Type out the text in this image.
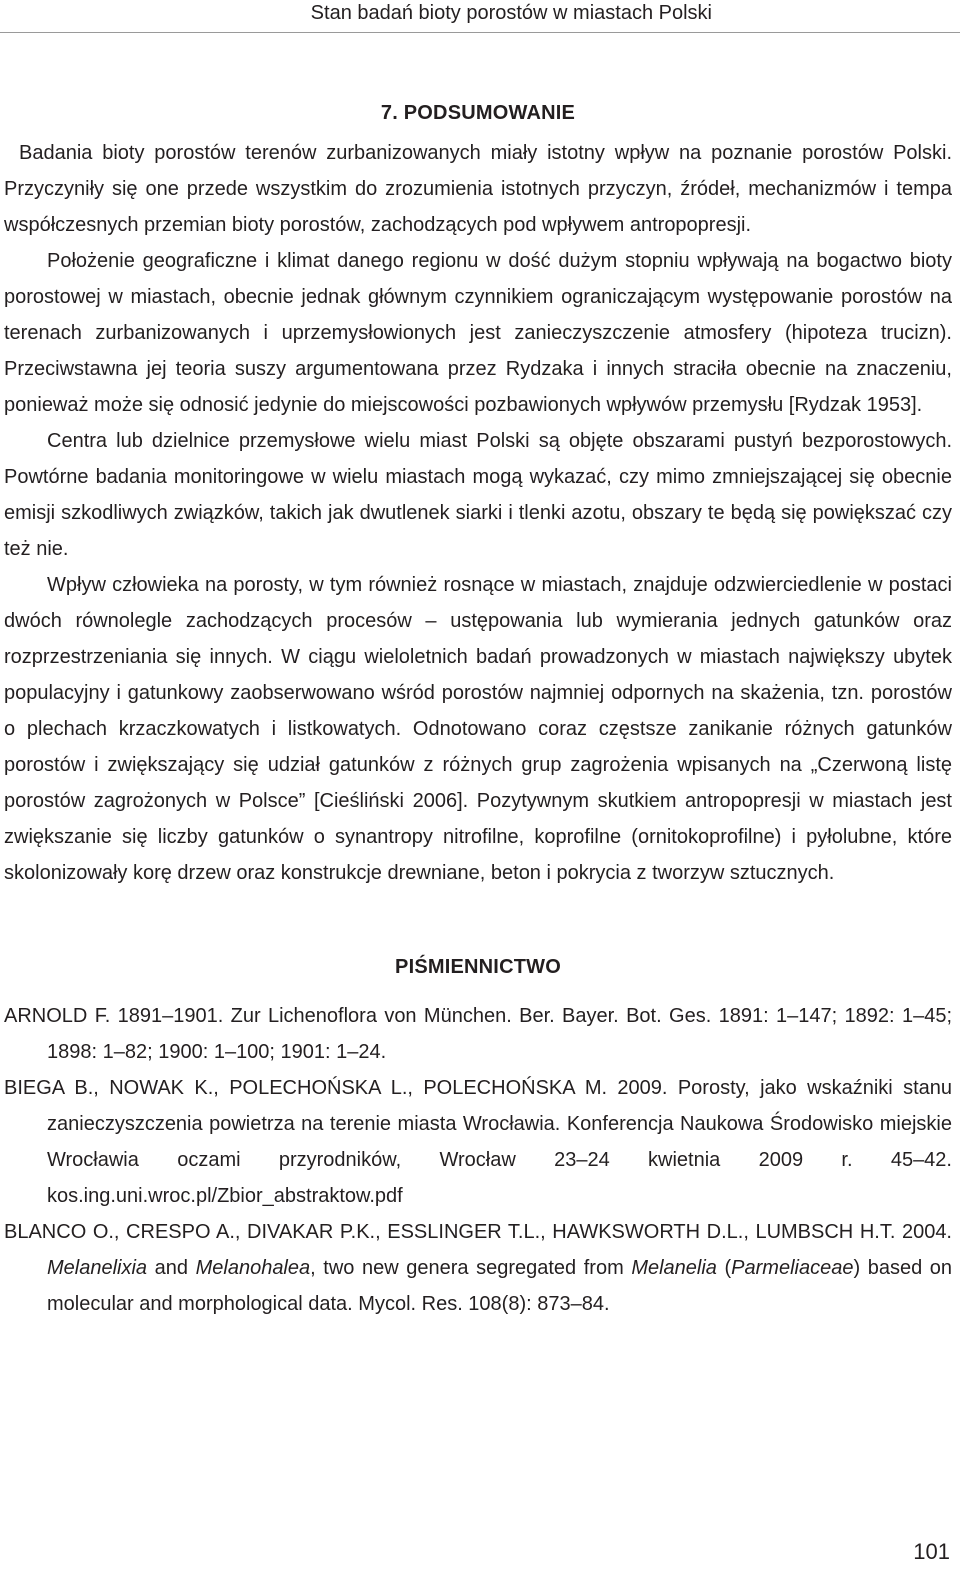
Stan badań bioty porostów w miastach Polski
7. PODSUMOWANIE

Badania bioty porostów terenów zurbanizowanych miały istotny wpływ na poznanie porostów Polski. Przyczyniły się one przede wszystkim do zrozumienia istotnych przyczyn, źródeł, mechanizmów i tempa współczesnych przemian bioty porostów, zachodzących pod wpływem antropopresji.

Położenie geograficzne i klimat danego regionu w dość dużym stopniu wpływają na bogactwo bioty porostowej w miastach, obecnie jednak głównym czynnikiem ograniczającym występowanie porostów na terenach zurbanizowanych i uprzemysłowionych jest zanieczyszczenie atmosfery (hipoteza trucizn). Przeciwstawna jej teoria suszy argumentowana przez Rydzaka i innych straciła obecnie na znaczeniu, ponieważ może się odnosić jedynie do miejscowości pozbawionych wpływów przemysłu [Rydzak 1953].

Centra lub dzielnice przemysłowe wielu miast Polski są objęte obszarami pustyń bezporostowych. Powtórne badania monitoringowe w wielu miastach mogą wykazać, czy mimo zmniejszającej się obecnie emisji szkodliwych związków, takich jak dwutlenek siarki i tlenki azotu, obszary te będą się powiększać czy też nie.

Wpływ człowieka na porosty, w tym również rosnące w miastach, znajduje odzwierciedlenie w postaci dwóch równolegle zachodzących procesów – ustępowania lub wymierania jednych gatunków oraz rozprzestrzeniania się innych. W ciągu wieloletnich badań prowadzonych w miastach największy ubytek populacyjny i gatunkowy zaobserwowano wśród porostów najmniej odpornych na skażenia, tzn. porostów o plechach krzaczkowatych i listkowatych. Odnotowano coraz częstsze zanikanie różnych gatunków porostów i zwiększający się udział gatunków z różnych grup zagrożenia wpisanych na „Czerwoną listę porostów zagrożonych w Polsce” [Cieśliński 2006]. Pozytywnym skutkiem antropopresji w miastach jest zwiększanie się liczby gatunków o synantropy nitrofilne, koprofilne (ornitokoprofilne) i pyłolubne, które skolonizowały korę drzew oraz konstrukcje drewniane, beton i pokrycia z tworzyw sztucznych.

PIŚMIENNICTWO

ARNOLD F. 1891–1901. Zur Lichenoflora von München. Ber. Bayer. Bot. Ges. 1891: 1–147; 1892: 1–45; 1898: 1–82; 1900: 1–100; 1901: 1–24.

BIEGA B., NOWAK K., POLECHOŃSKA L., POLECHOŃSKA M. 2009. Porosty, jako wskaźniki stanu zanieczyszczenia powietrza na terenie miasta Wrocławia. Konferencja Naukowa Środowisko miejskie Wrocławia oczami przyrodników, Wrocław 23–24 kwietnia 2009 r. 45–42. kos.ing.uni.wroc.pl/Zbior_abstraktow.pdf

BLANCO O., CRESPO A., DIVAKAR P.K., ESSLINGER T.L., HAWKSWORTH D.L., LUMBSCH H.T. 2004. Melanelixia and Melanohalea, two new genera segregated from Melanelia (Parmeliaceae) based on molecular and morphological data. Mycol. Res. 108(8): 873–84.

101
